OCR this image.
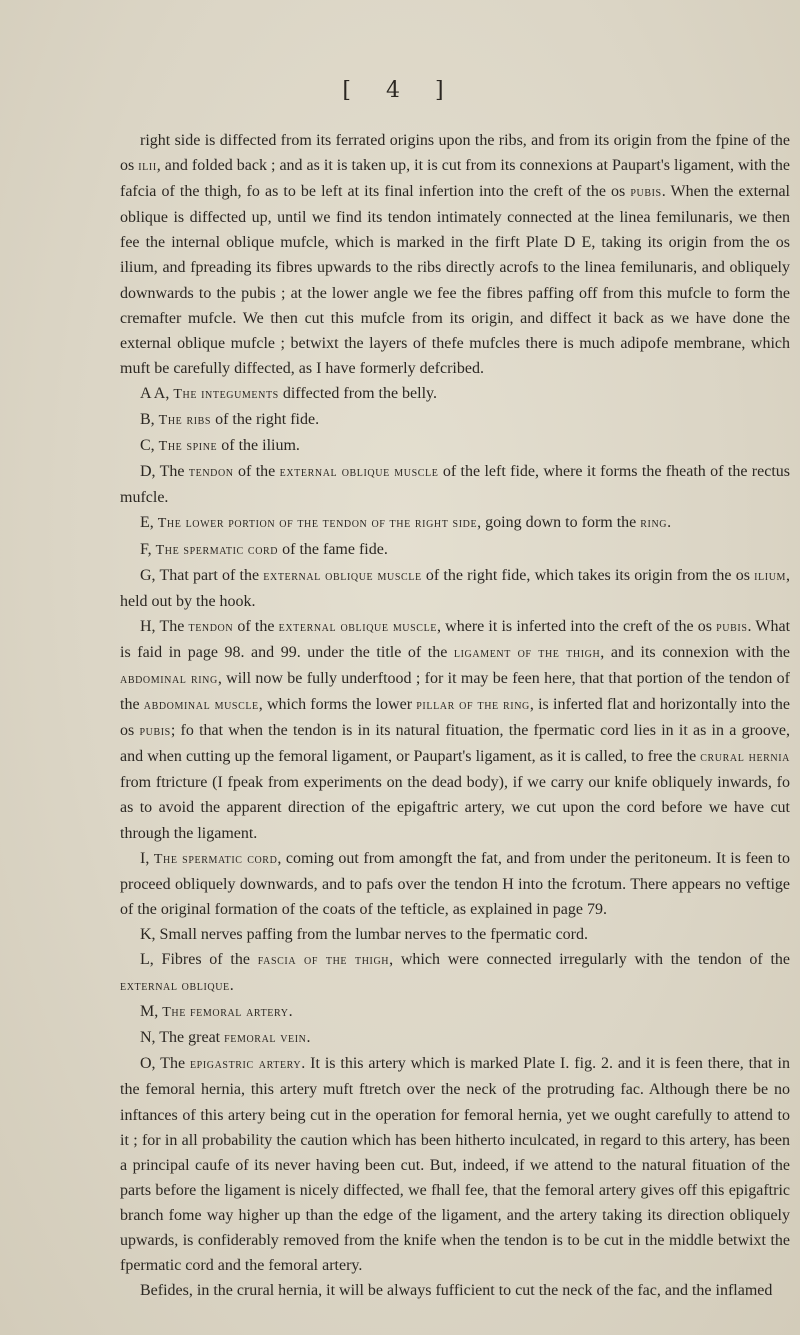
[ 4 ]

right side is diffected from its ferrated origins upon the ribs, and from its origin from the fpine of the os ilii, and folded back ; and as it is taken up, it is cut from its connexions at Paupart's ligament, with the fafcia of the thigh, fo as to be left at its final infertion into the creft of the os pubis. When the external oblique is diffected up, until we find its tendon intimately connected at the linea femilunaris, we then fee the internal oblique mufcle, which is marked in the firft Plate D E, taking its origin from the os ilium, and fpreading its fibres upwards to the ribs directly acrofs to the linea femilunaris, and obliquely downwards to the pubis ; at the lower angle we fee the fibres paffing off from this mufcle to form the cremafter mufcle. We then cut this mufcle from its origin, and diffect it back as we have done the external oblique mufcle ; betwixt the layers of thefe mufcles there is much adipofe membrane, which muft be carefully diffected, as I have formerly defcribed.

A A, The integuments diffected from the belly.

B, The ribs of the right fide.

C, The spine of the ilium.

D, The tendon of the external oblique muscle of the left fide, where it forms the fheath of the rectus mufcle.

E, The lower portion of the tendon of the right side, going down to form the ring.

F, The spermatic cord of the fame fide.

G, That part of the external oblique muscle of the right fide, which takes its origin from the os ilium, held out by the hook.

H, The tendon of the external oblique muscle, where it is inferted into the creft of the os pubis. What is faid in page 98. and 99. under the title of the ligament of the thigh, and its connexion with the abdominal ring, will now be fully underftood ; for it may be feen here, that that portion of the tendon of the abdominal muscle, which forms the lower pillar of the ring, is inferted flat and horizontally into the os pubis; fo that when the tendon is in its natural fituation, the fpermatic cord lies in it as in a groove, and when cutting up the femoral ligament, or Paupart's ligament, as it is called, to free the crural hernia from ftricture (I fpeak from experiments on the dead body), if we carry our knife obliquely inwards, fo as to avoid the apparent direction of the epigaftric artery, we cut upon the cord before we have cut through the ligament.

I, The spermatic cord, coming out from amongft the fat, and from under the peritoneum. It is feen to proceed obliquely downwards, and to pafs over the tendon H into the fcrotum. There appears no veftige of the original formation of the coats of the tefticle, as explained in page 79.

K, Small nerves paffing from the lumbar nerves to the fpermatic cord.

L, Fibres of the fascia of the thigh, which were connected irregularly with the tendon of the external oblique.

M, The femoral artery.

N, The great femoral vein.

O, The epigastric artery. It is this artery which is marked Plate I. fig. 2. and it is feen there, that in the femoral hernia, this artery muft ftretch over the neck of the protruding fac. Although there be no inftances of this artery being cut in the operation for femoral hernia, yet we ought carefully to attend to it ; for in all probability the caution which has been hitherto inculcated, in regard to this artery, has been a principal caufe of its never having been cut. But, indeed, if we attend to the natural fituation of the parts before the ligament is nicely diffected, we fhall fee, that the femoral artery gives off this epigaftric branch fome way higher up than the edge of the ligament, and the artery taking its direction obliquely upwards, is confiderably removed from the knife when the tendon is to be cut in the middle betwixt the fpermatic cord and the femoral artery.

Befides, in the crural hernia, it will be always fufficient to cut the neck of the fac, and the inflamed
